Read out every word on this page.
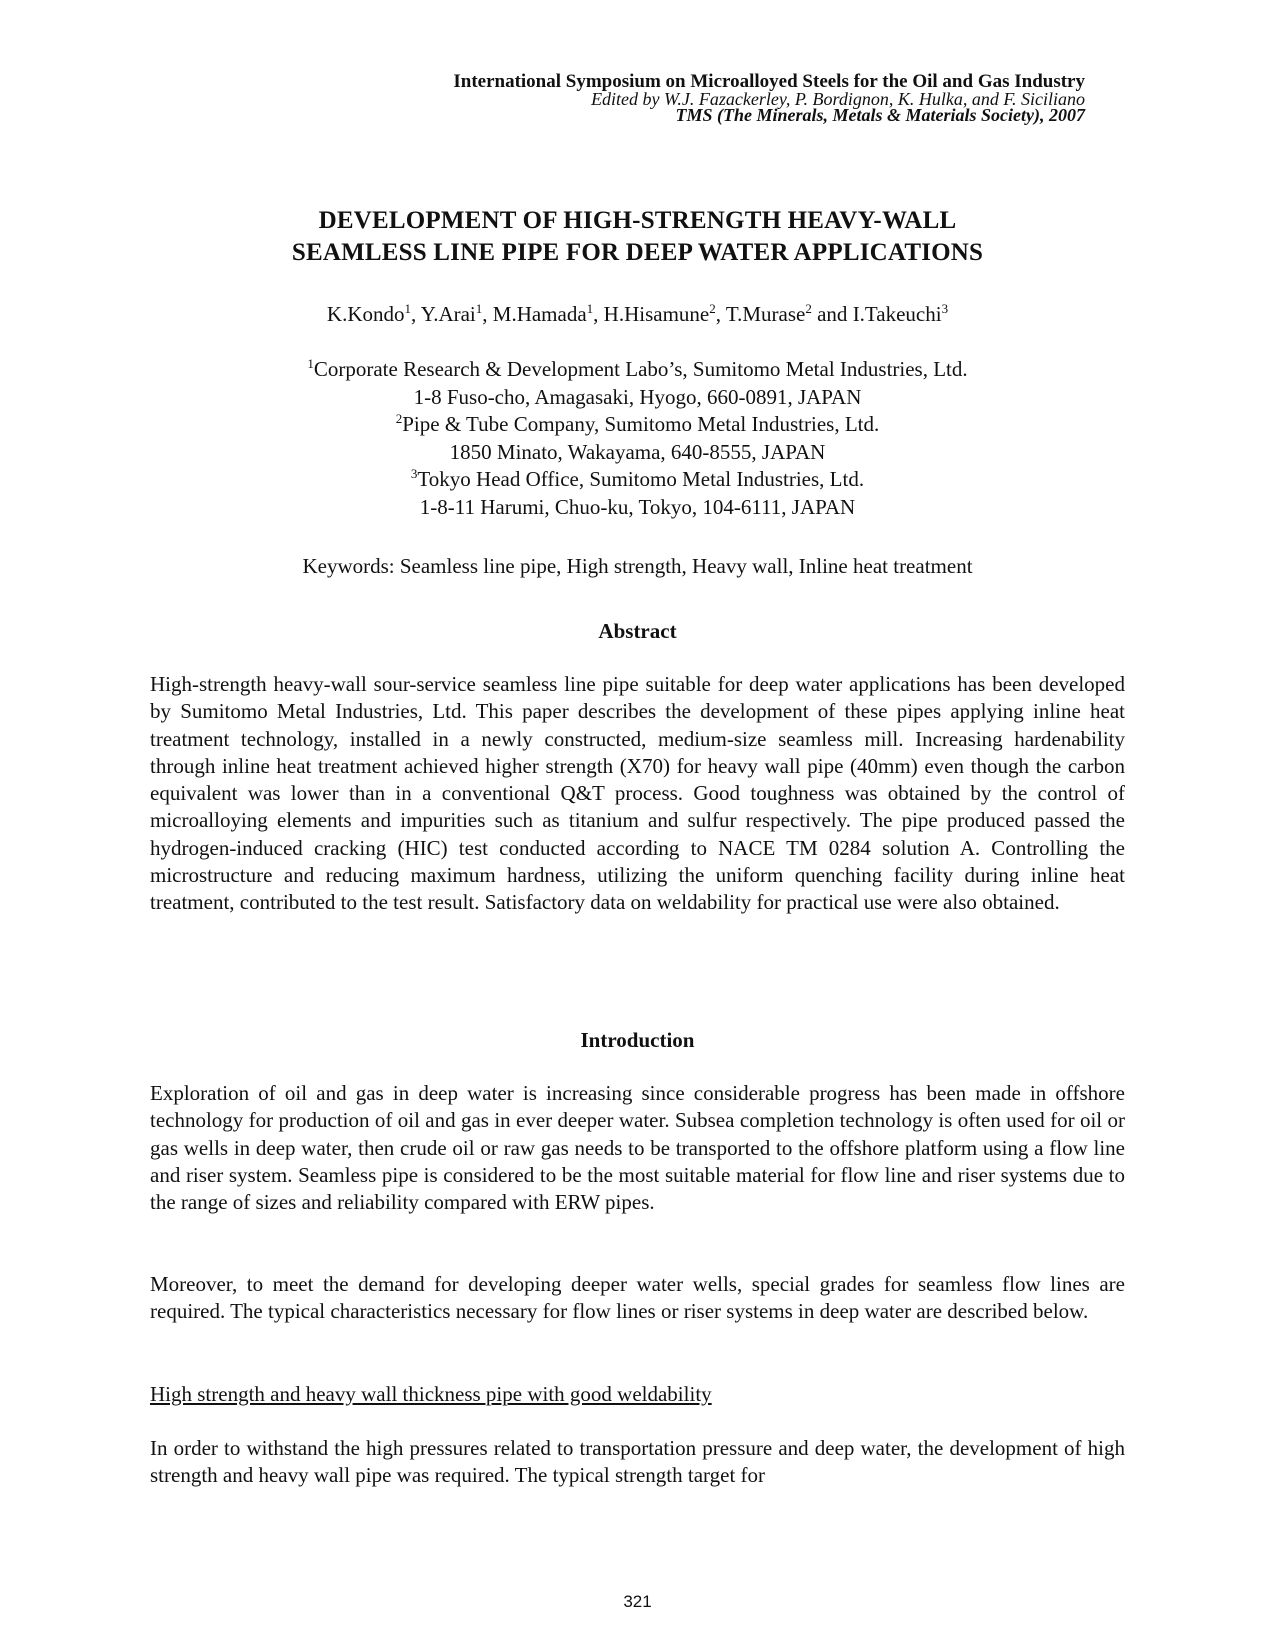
International Symposium on Microalloyed Steels for the Oil and Gas Industry
Edited by W.J. Fazackerley, P. Bordignon, K. Hulka, and F. Siciliano
TMS (The Minerals, Metals & Materials Society), 2007
DEVELOPMENT OF HIGH-STRENGTH HEAVY-WALL
SEAMLESS LINE PIPE FOR DEEP WATER APPLICATIONS
K.Kondo$^1$, Y.Arai$^1$, M.Hamada$^1$, H.Hisamune$^2$, T.Murase$^2$ and I.Takeuchi$^3$
$^1$Corporate Research & Development Labo’s, Sumitomo Metal Industries, Ltd.
1-8 Fuso-cho, Amagasaki, Hyogo, 660-0891, JAPAN
$^2$Pipe & Tube Company, Sumitomo Metal Industries, Ltd.
1850 Minato, Wakayama, 640-8555, JAPAN
$^3$Tokyo Head Office, Sumitomo Metal Industries, Ltd.
1-8-11 Harumi, Chuo-ku, Tokyo, 104-6111, JAPAN
Keywords: Seamless line pipe, High strength, Heavy wall, Inline heat treatment
Abstract

High-strength heavy-wall sour-service seamless line pipe suitable for deep water applications has been developed by Sumitomo Metal Industries, Ltd. This paper describes the development of these pipes applying inline heat treatment technology, installed in a newly constructed, medium-size seamless mill. Increasing hardenability through inline heat treatment achieved higher strength (X70) for heavy wall pipe (40mm) even though the carbon equivalent was lower than in a conventional Q&T process. Good toughness was obtained by the control of microalloying elements and impurities such as titanium and sulfur respectively. The pipe produced passed the hydrogen-induced cracking (HIC) test conducted according to NACE TM 0284 solution A. Controlling the microstructure and reducing maximum hardness, utilizing the uniform quenching facility during inline heat treatment, contributed to the test result. Satisfactory data on weldability for practical use were also obtained.

Introduction

Exploration of oil and gas in deep water is increasing since considerable progress has been made in offshore technology for production of oil and gas in ever deeper water. Subsea completion technology is often used for oil or gas wells in deep water, then crude oil or raw gas needs to be transported to the offshore platform using a flow line and riser system. Seamless pipe is considered to be the most suitable material for flow line and riser systems due to the range of sizes and reliability compared with ERW pipes.

Moreover, to meet the demand for developing deeper water wells, special grades for seamless flow lines are required. The typical characteristics necessary for flow lines or riser systems in deep water are described below.

High strength and heavy wall thickness pipe with good weldability

In order to withstand the high pressures related to transportation pressure and deep water, the development of high strength and heavy wall pipe was required. The typical strength target for

321
